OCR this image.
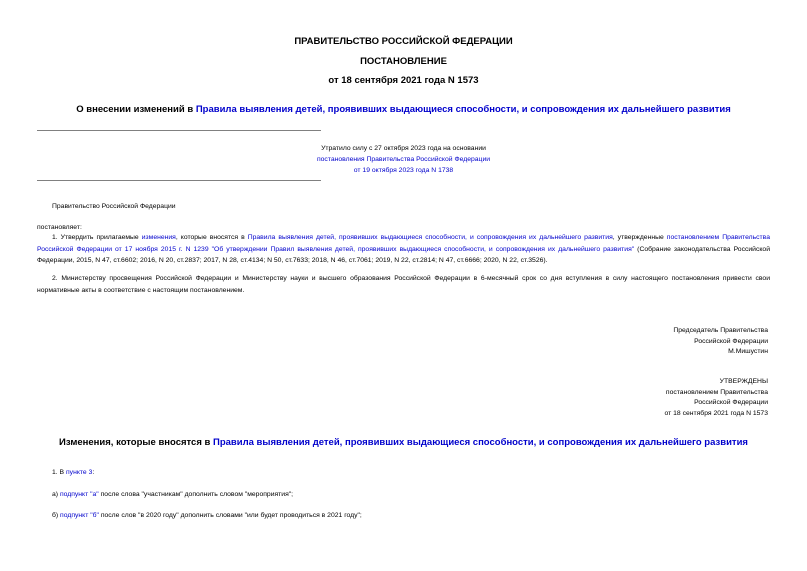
ПРАВИТЕЛЬСТВО РОССИЙСКОЙ ФЕДЕРАЦИИ
ПОСТАНОВЛЕНИЕ
от 18 сентября 2021 года N 1573
О внесении изменений в Правила выявления детей, проявивших выдающиеся способности, и сопровождения их дальнейшего развития
Утратило силу с 27 октября 2023 года на основании
постановления Правительства Российской Федерации
от 19 октября 2023 года N 1738
Правительство Российской Федерации
постановляет:
1. Утвердить прилагаемые изменения, которые вносятся в Правила выявления детей, проявивших выдающиеся способности, и сопровождения их дальнейшего развития, утвержденные постановлением Правительства Российской Федерации от 17 ноября 2015 г. N 1239 "Об утверждении Правил выявления детей, проявивших выдающиеся способности, и сопровождения их дальнейшего развития" (Собрание законодательства Российской Федерации, 2015, N 47, ст.6602; 2016, N 20, ст.2837; 2017, N 28, ст.4134; N 50, ст.7633; 2018, N 46, ст.7061; 2019, N 22, ст.2814; N 47, ст.6666; 2020, N 22, ст.3526).
2. Министерству просвещения Российской Федерации и Министерству науки и высшего образования Российской Федерации в 6-месячный срок со дня вступления в силу настоящего постановления привести свои нормативные акты в соответствие с настоящим постановлением.
Председатель Правительства
Российской Федерации
М.Мишустин
УТВЕРЖДЕНЫ
постановлением Правительства
Российской Федерации
от 18 сентября 2021 года N 1573
Изменения, которые вносятся в Правила выявления детей, проявивших выдающиеся способности, и сопровождения их дальнейшего развития
1. В пункте 3:
а) подпункт "а" после слова "участникам" дополнить словом "мероприятия";
б) подпункт "б" после слов "в 2020 году" дополнить словами "или будет проводиться в 2021 году";
